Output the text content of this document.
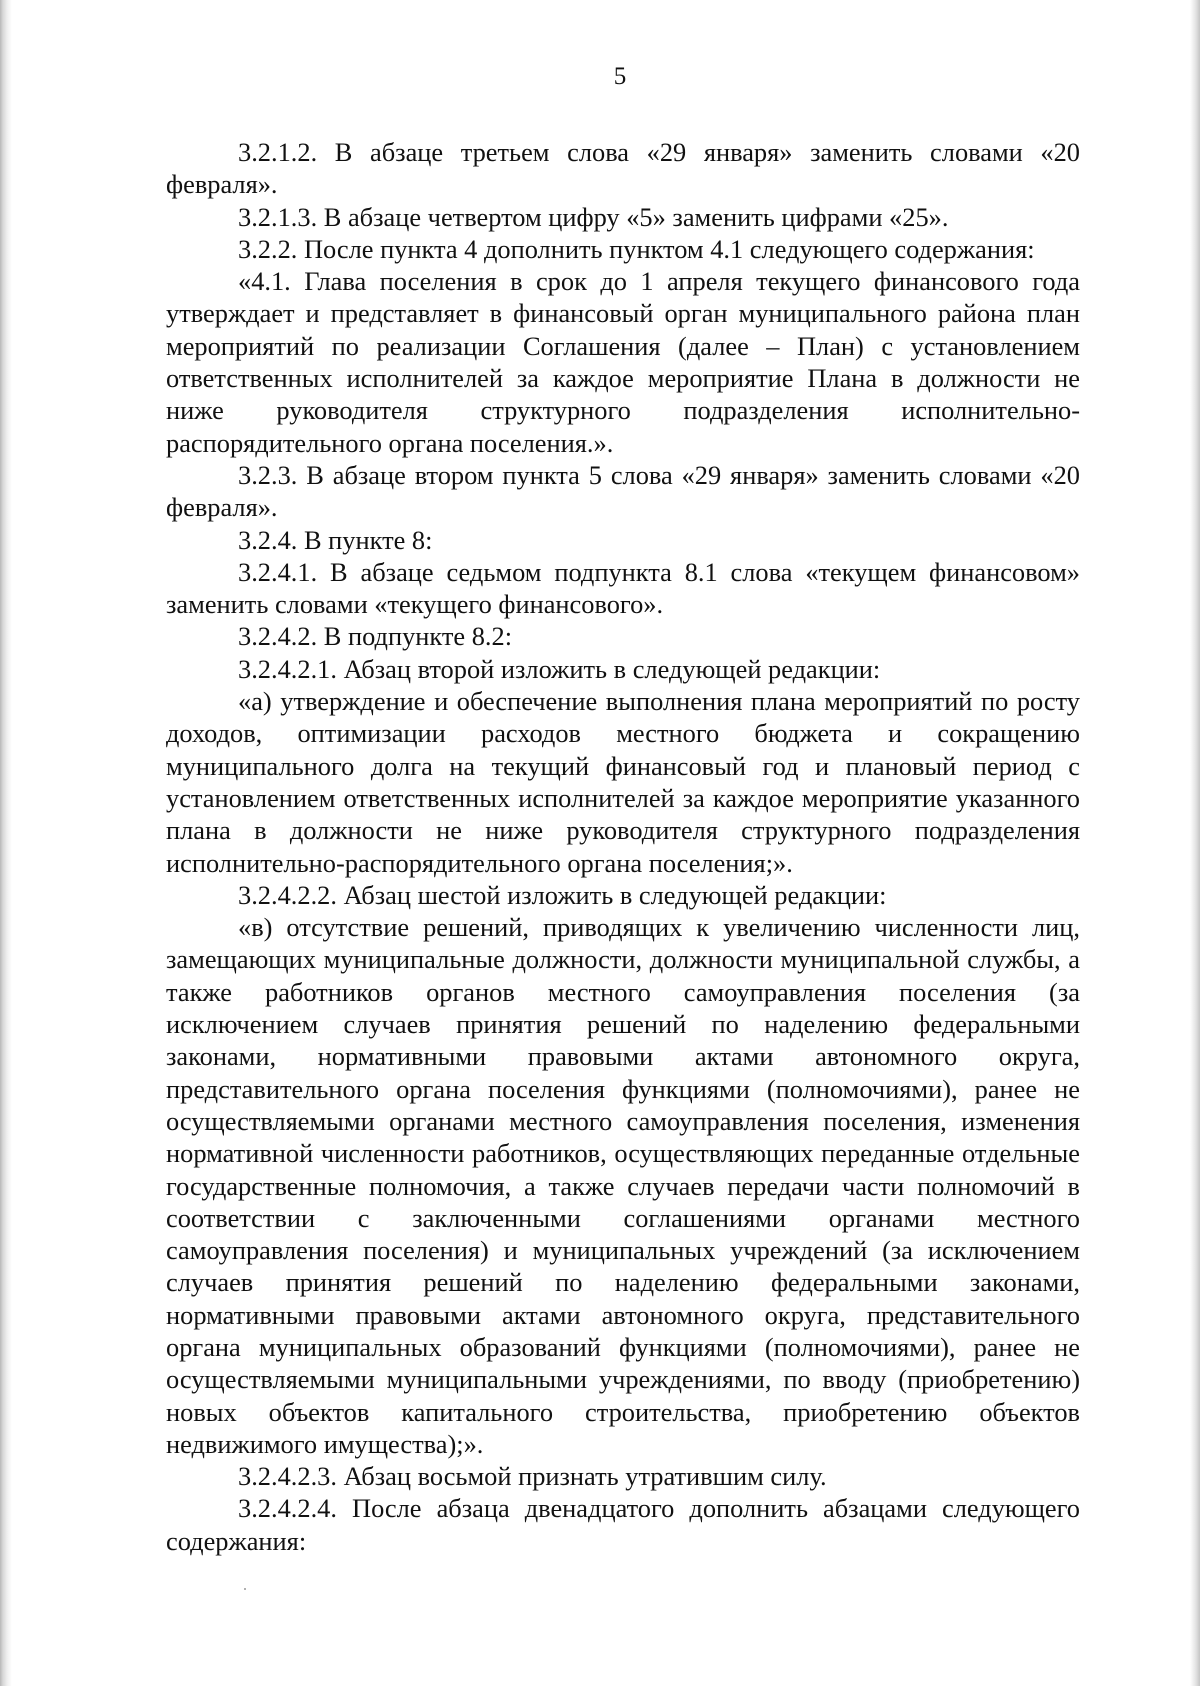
5

3.2.1.2. В абзаце третьем слова «29 января» заменить словами «20 февраля».

3.2.1.3. В абзаце четвертом цифру «5» заменить цифрами «25».

3.2.2. После пункта 4 дополнить пунктом 4.1 следующего содержания:

«4.1. Глава поселения в срок до 1 апреля текущего финансового года утверждает и представляет в финансовый орган муниципального района план мероприятий по реализации Соглашения (далее – План) с установлением ответственных исполнителей за каждое мероприятие Плана в должности не ниже руководителя структурного подразделения исполнительно-распорядительного органа поселения.».

3.2.3. В абзаце втором пункта 5 слова «29 января» заменить словами «20 февраля».

3.2.4. В пункте 8:

3.2.4.1. В абзаце седьмом подпункта 8.1 слова «текущем финансовом» заменить словами «текущего финансового».

3.2.4.2. В подпункте 8.2:

3.2.4.2.1. Абзац второй изложить в следующей редакции:

«а) утверждение и обеспечение выполнения плана мероприятий по росту доходов, оптимизации расходов местного бюджета и сокращению муниципального долга на текущий финансовый год и плановый период с установлением ответственных исполнителей за каждое мероприятие указанного плана в должности не ниже руководителя структурного подразделения исполнительно-распорядительного органа поселения;».

3.2.4.2.2. Абзац шестой изложить в следующей редакции:

«в) отсутствие решений, приводящих к увеличению численности лиц, замещающих муниципальные должности, должности муниципальной службы, а также работников органов местного самоуправления поселения (за исключением случаев принятия решений по наделению федеральными законами, нормативными правовыми актами автономного округа, представительного органа поселения функциями (полномочиями), ранее не осуществляемыми органами местного самоуправления поселения, изменения нормативной численности работников, осуществляющих переданные отдельные государственные полномочия, а также случаев передачи части полномочий в соответствии с заключенными соглашениями органами местного самоуправления поселения) и муниципальных учреждений (за исключением случаев принятия решений по наделению федеральными законами, нормативными правовыми актами автономного округа, представительного органа муниципальных образований функциями (полномочиями), ранее не осуществляемыми муниципальными учреждениями, по вводу (приобретению) новых объектов капитального строительства, приобретению объектов недвижимого имущества);».

3.2.4.2.3. Абзац восьмой признать утратившим силу.

3.2.4.2.4. После абзаца двенадцатого дополнить абзацами следующего содержания:
